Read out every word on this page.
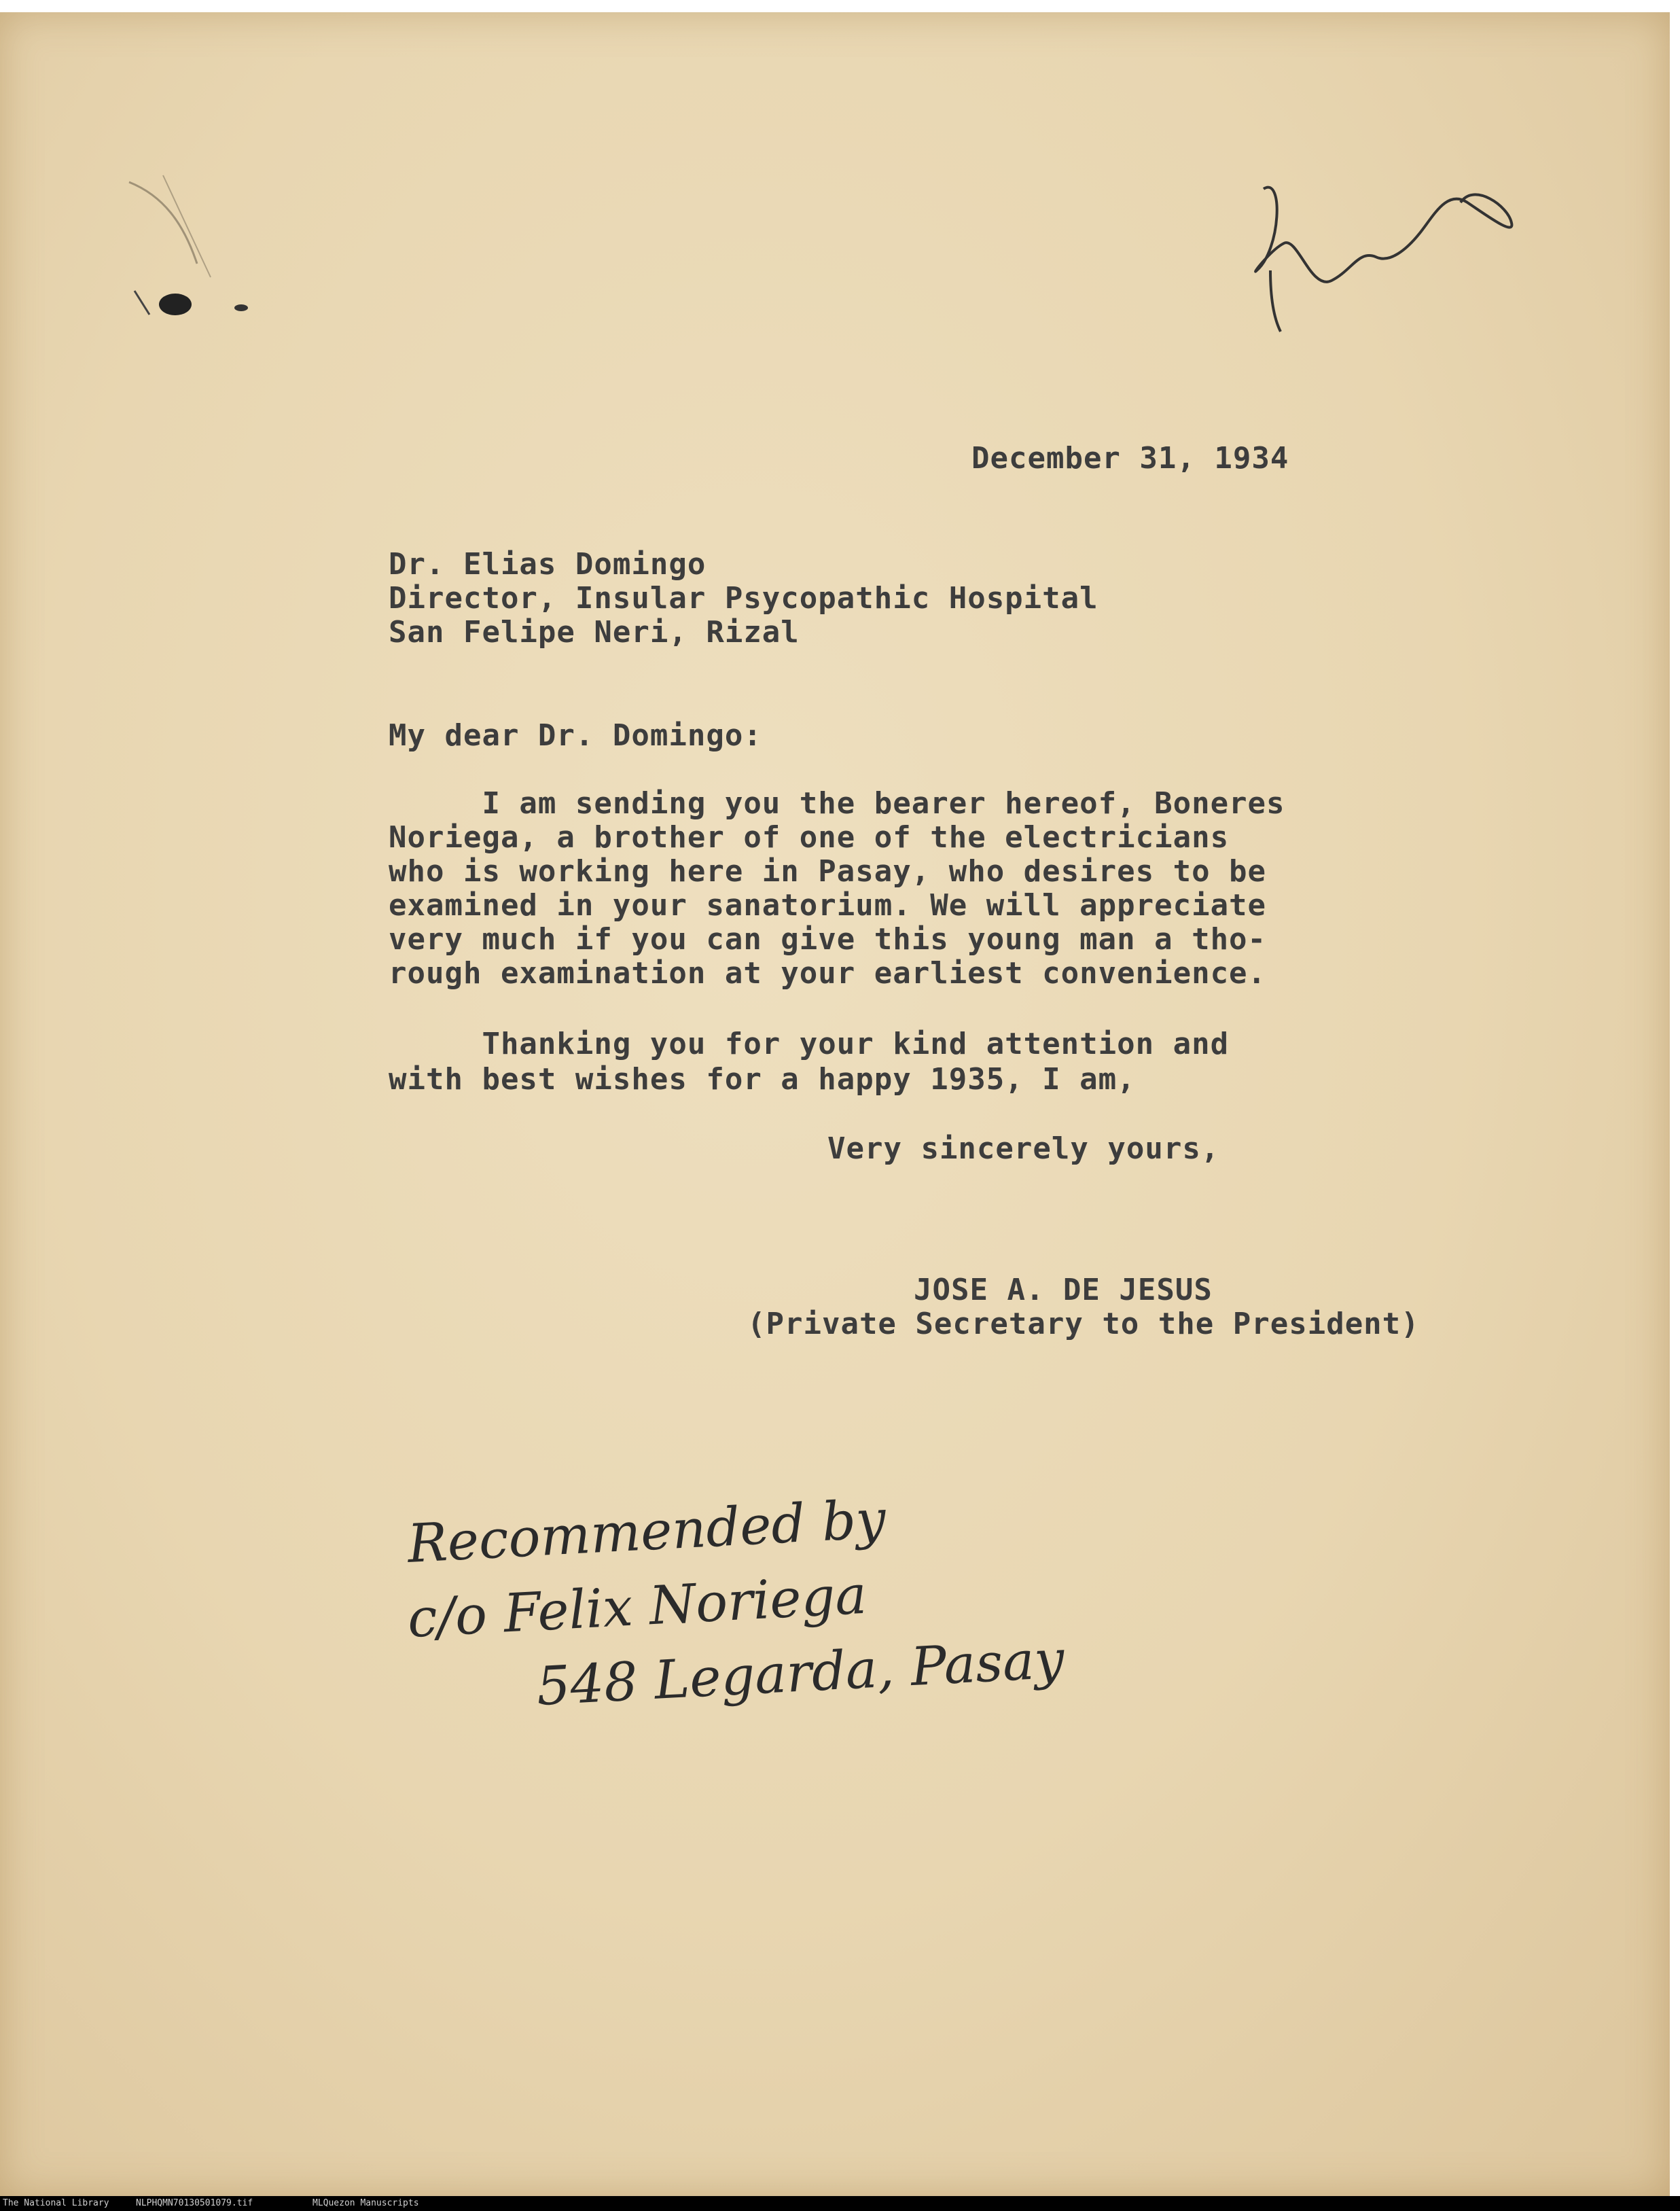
December 31, 1934
Dr. Elias Domingo
Director, Insular Psycopathic Hospital
San Felipe Neri, Rizal
My dear Dr. Domingo:
I am sending you the bearer hereof, Boneres
Noriega, a brother of one of the electricians
who is working here in Pasay, who desires to be
examined in your sanatorium. We will appreciate
very much if you can give this young man a tho-
rough examination at your earliest convenience.
Thanking you for your kind attention and
with best wishes for a happy 1935, I am,
Very sincerely yours,
JOSE A. DE JESUS
(Private Secretary to the President)
Recommended by
c/o Felix Noriega
548 Legarda, Pasay
The National Library	NLPHQMN70130501079.tif	MLQuezon Manuscripts
